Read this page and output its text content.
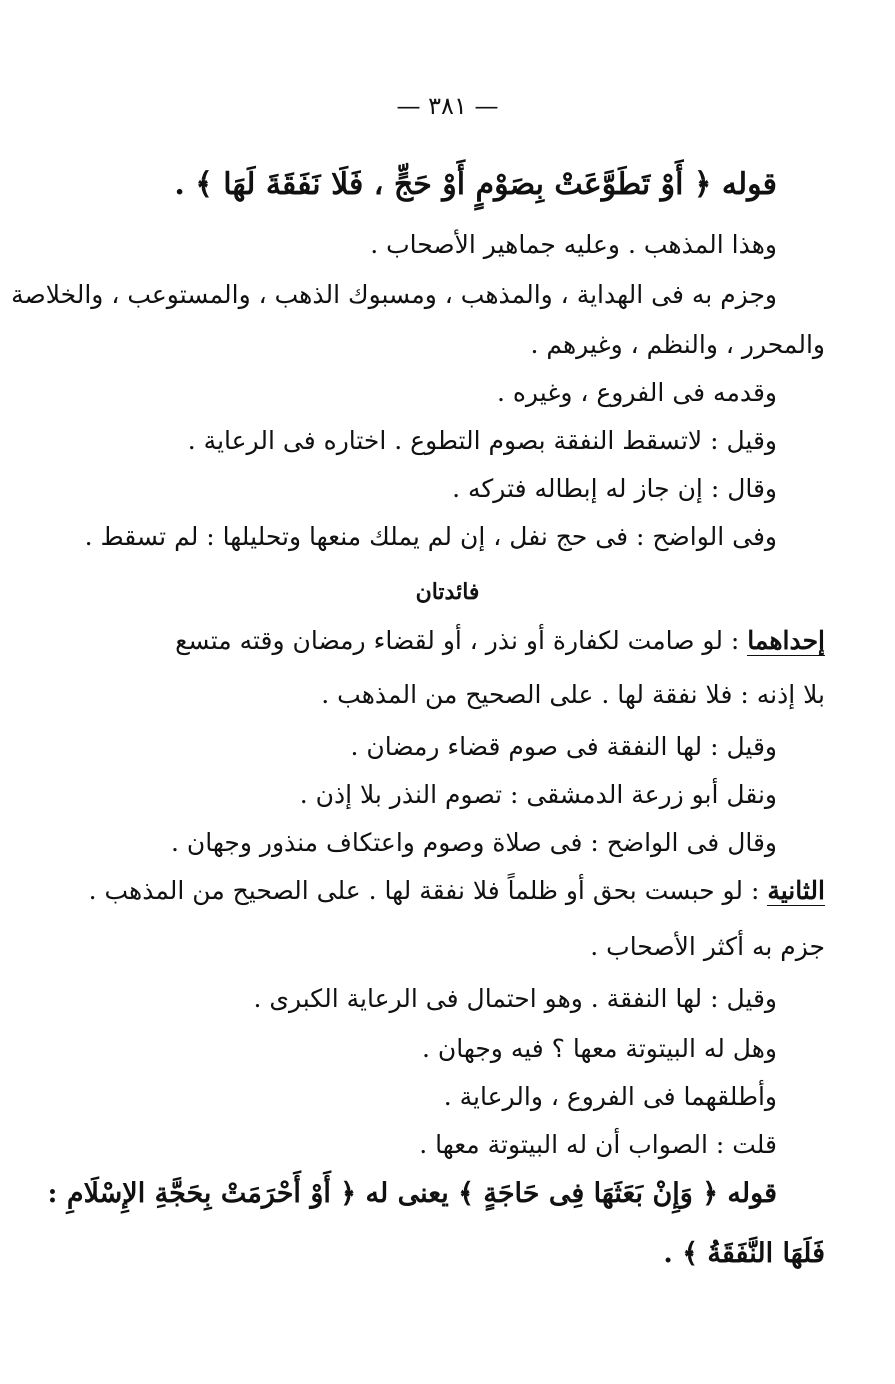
— ٣٨١ —
قوله ﴿ أَوْ تَطَوَّعَتْ بِصَوْمٍ أَوْ حَجٍّ ، فَلَا نَفَقَةَ لَهَا ﴾ .
وهذا المذهب . وعليه جماهير الأصحاب .
وجزم به فى الهداية ، والمذهب ، ومسبوك الذهب ، والمستوعب ، والخلاصة
والمحرر ، والنظم ، وغيرهم .
وقدمه فى الفروع ، وغيره .
وقيل : لاتسقط النفقة بصوم التطوع . اختاره فى الرعاية .
وقال : إن جاز له إبطاله فتركه .
وفى الواضح : فى حج نفل ، إن لم يملك منعها وتحليلها : لم تسقط .
فائدتان
إحداهما : لو صامت لكفارة أو نذر ، أو لقضاء رمضان وقته متسع
بلا إذنه : فلا نفقة لها . على الصحيح من المذهب .
وقيل : لها النفقة فى صوم قضاء رمضان .
ونقل أبو زرعة الدمشقى : تصوم النذر بلا إذن .
وقال فى الواضح : فى صلاة وصوم واعتكاف منذور وجهان .
الثانية : لو حبست بحق أو ظلماً فلا نفقة لها . على الصحيح من المذهب .
جزم به أكثر الأصحاب .
وقيل : لها النفقة . وهو احتمال فى الرعاية الكبرى .
وهل له البيتوتة معها ؟ فيه وجهان .
وأطلقهما فى الفروع ، والرعاية .
قلت : الصواب أن له البيتوتة معها .
قوله ﴿ وَإِنْ بَعَثَهَا فِى حَاجَةٍ ﴾ يعنى له ﴿ أَوْ أَحْرَمَتْ بِحَجَّةِ الإِسْلَامِ :
فَلَهَا النَّفَقَةُ ﴾ .
